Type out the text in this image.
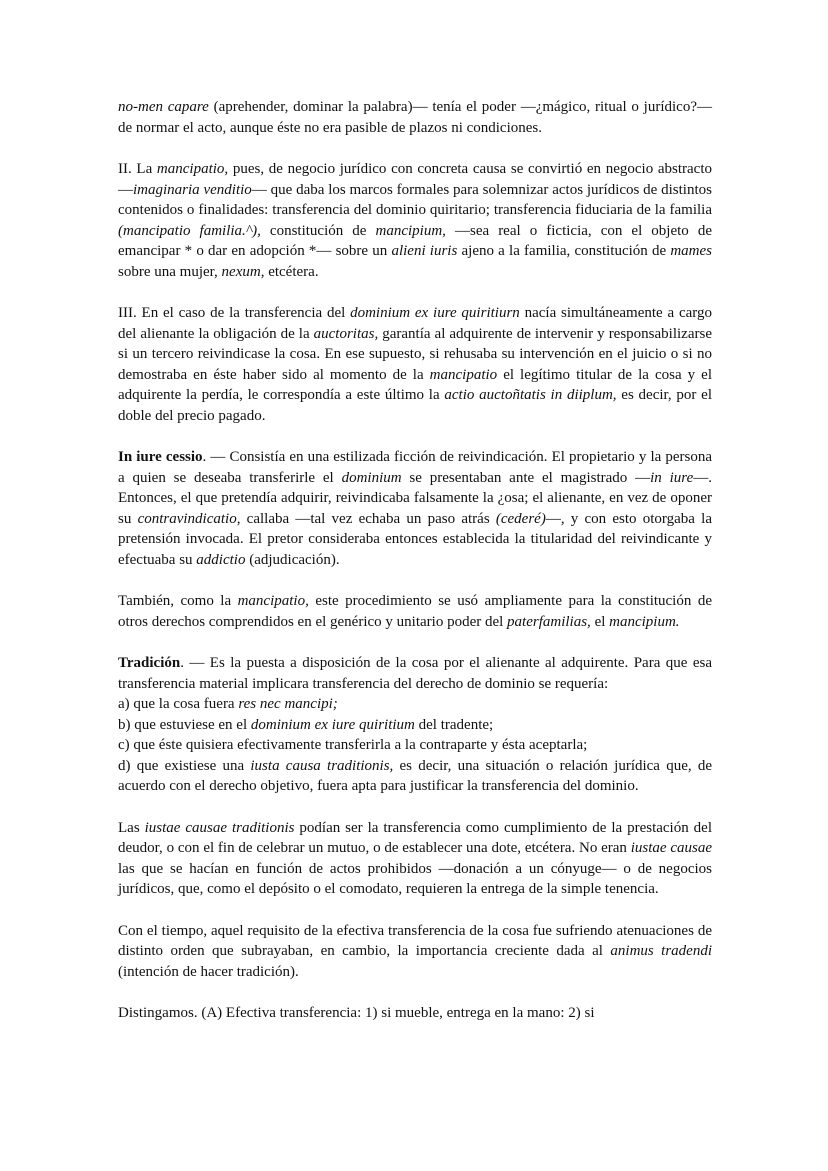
no-men capare (aprehender, dominar la palabra)— tenía el poder —¿mágico, ritual o jurídico?— de normar el acto, aunque éste no era pasible de plazos ni condiciones.

II. La mancipatio, pues, de negocio jurídico con concreta causa se convirtió en negocio abstracto—imaginaria venditio— que daba los marcos formales para solemnizar actos jurídicos de distintos contenidos o finalidades: transferencia del dominio quiritario; transferencia fiduciaria de la familia (mancipatio familia.^), constitución de mancipium, —sea real o ficticia, con el objeto de emancipar * o dar en adopción *— sobre un alieni iuris ajeno a la familia, constitución de mames sobre una mujer, nexum, etcétera.

III. En el caso de la transferencia del dominium ex iure quiritiurn nacía simultáneamente a cargo del alienante la obligación de la auctoritas, garantía al adquirente de intervenir y responsabilizarse si un tercero reivindicase la cosa. En ese supuesto, si rehusaba su intervención en el juicio o si no demostraba en éste haber sido al momento de la mancipatio el legítimo titular de la cosa y el adquirente la perdía, le correspondía a este último la actio auctoñtatis in diiplum, es decir, por el doble del precio pagado.

In iure cessio. — Consistía en una estilizada ficción de reivindicación. El propietario y la persona a quien se deseaba transferirle el dominium se presentaban ante el magistrado —in iure—. Entonces, el que pretendía adquirir, reivindicaba falsamente la ¿osa; el alienante, en vez de oponer su contravindicatio, callaba —tal vez echaba un paso atrás (cederé)—, y con esto otorgaba la pretensión invocada. El pretor consideraba entonces establecida la titularidad del reivindicante y efectuaba su addictio (adjudicación).

También, como la mancipatio, este procedimiento se usó ampliamente para la constitución de otros derechos comprendidos en el genérico y unitario poder del paterfamilias, el mancipium.

Tradición. — Es la puesta a disposición de la cosa por el alienante al adquirente. Para que esa transferencia material implicara transferencia del derecho de dominio se requería:

a) que la cosa fuera res nec mancipi;
b) que estuviese en el dominium ex iure quiritium del tradente;
c) que éste quisiera efectivamente transferirla a la contraparte y ésta aceptarla;
d) que existiese una iusta causa traditionis, es decir, una situación o relación jurídica que, de acuerdo con el derecho objetivo, fuera apta para justificar la transferencia del dominio.

Las iustae causae traditionis podían ser la transferencia como cumplimiento de la prestación del deudor, o con el fin de celebrar un mutuo, o de establecer una dote, etcétera. No eran iustae causae las que se hacían en función de actos prohibidos —donación a un cónyuge— o de negocios jurídicos, que, como el depósito o el comodato, requieren la entrega de la simple tenencia.

Con el tiempo, aquel requisito de la efectiva transferencia de la cosa fue sufriendo atenuaciones de distinto orden que subrayaban, en cambio, la importancia creciente dada al animus tradendi (intención de hacer tradición).

Distingamos. (A) Efectiva transferencia: 1) si mueble, entrega en la mano: 2) si
